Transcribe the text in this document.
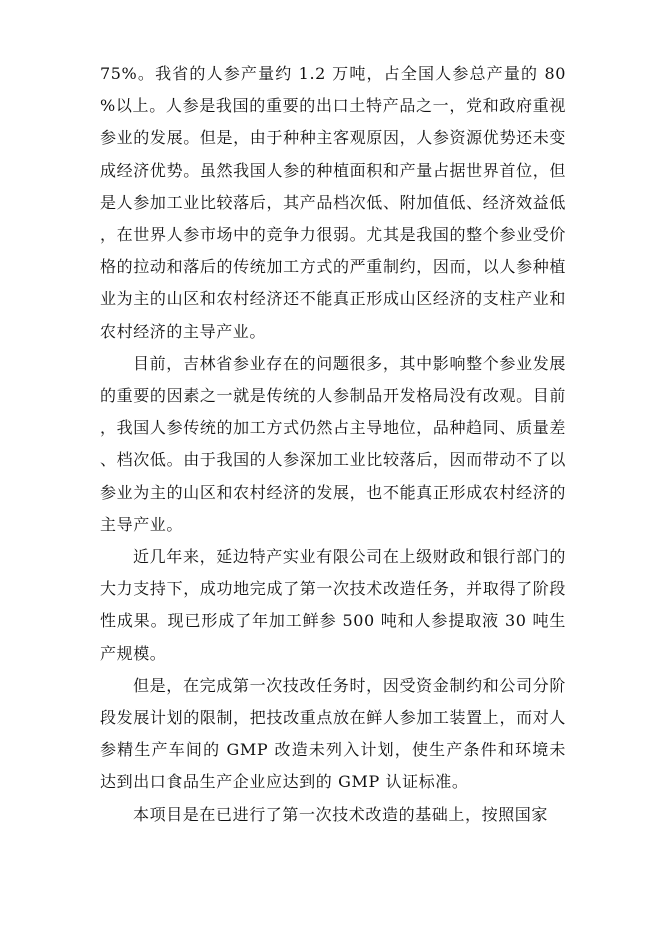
75%。我省的人参产量约 1.2 万吨，占全国人参总产量的 80%以上。人参是我国的重要的出口土特产品之一，党和政府重视参业的发展。但是，由于种种主客观原因，人参资源优势还未变成经济优势。虽然我国人参的种植面积和产量占据世界首位，但是人参加工业比较落后，其产品档次低、附加值低、经济效益低，在世界人参市场中的竞争力很弱。尤其是我国的整个参业受价格的拉动和落后的传统加工方式的严重制约，因而，以人参种植业为主的山区和农村经济还不能真正形成山区经济的支柱产业和农村经济的主导产业。

目前，吉林省参业存在的问题很多，其中影响整个参业发展的重要的因素之一就是传统的人参制品开发格局没有改观。目前，我国人参传统的加工方式仍然占主导地位，品种趋同、质量差、档次低。由于我国的人参深加工业比较落后，因而带动不了以参业为主的山区和农村经济的发展，也不能真正形成农村经济的主导产业。

近几年来，延边特产实业有限公司在上级财政和银行部门的大力支持下，成功地完成了第一次技术改造任务，并取得了阶段性成果。现已形成了年加工鲜参 500 吨和人参提取液 30 吨生产规模。

但是，在完成第一次技改任务时，因受资金制约和公司分阶段发展计划的限制，把技改重点放在鲜人参加工装置上，而对人参精生产车间的 GMP 改造未列入计划，使生产条件和环境未达到出口食品生产企业应达到的 GMP 认证标准。

本项目是在已进行了第一次技术改造的基础上，按照国家
